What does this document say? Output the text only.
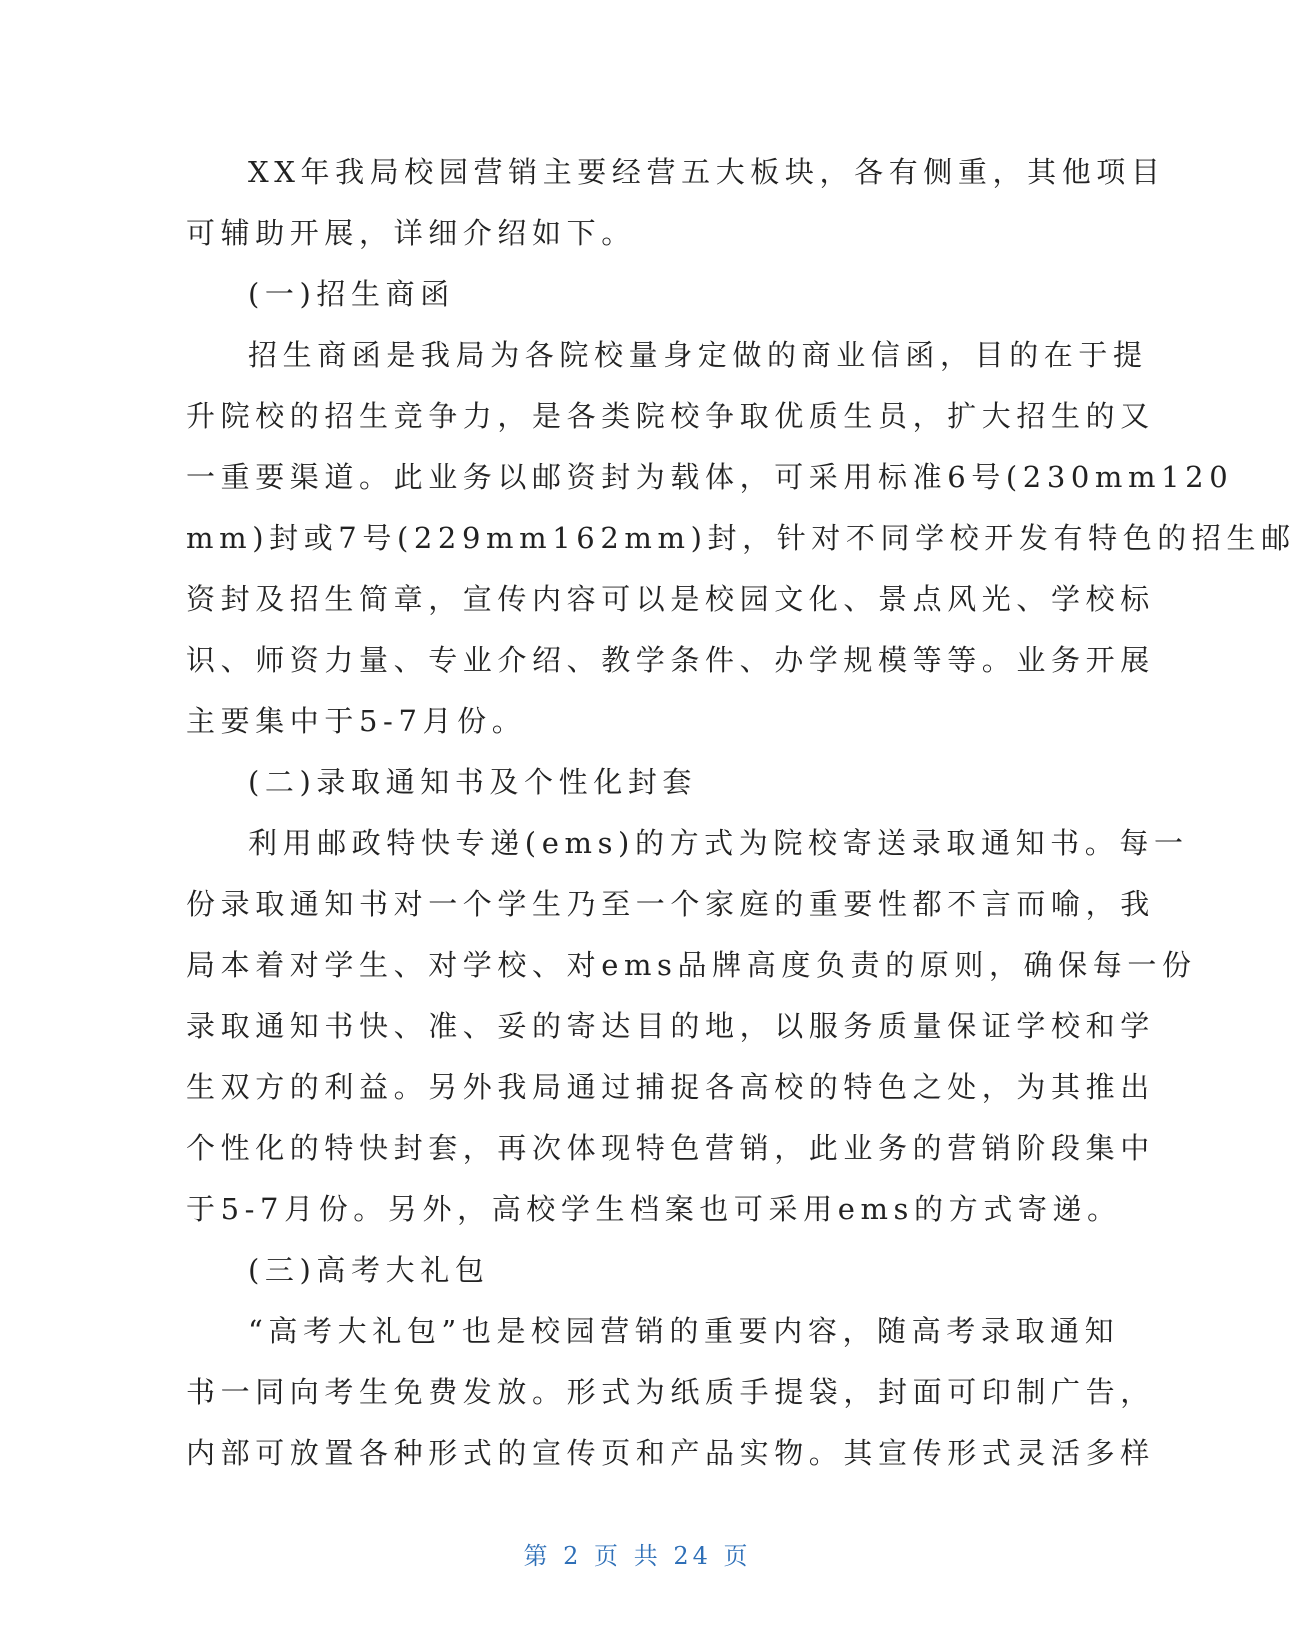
XX年我局校园营销主要经营五大板块，各有侧重，其他项目
可辅助开展，详细介绍如下。
(一)招生商函
招生商函是我局为各院校量身定做的商业信函，目的在于提
升院校的招生竞争力，是各类院校争取优质生员，扩大招生的又
一重要渠道。此业务以邮资封为载体，可采用标准6号(230mm120
mm)封或7号(229mm162mm)封，针对不同学校开发有特色的招生邮
资封及招生简章，宣传内容可以是校园文化、景点风光、学校标
识、师资力量、专业介绍、教学条件、办学规模等等。业务开展
主要集中于5-7月份。
(二)录取通知书及个性化封套
利用邮政特快专递(ems)的方式为院校寄送录取通知书。每一
份录取通知书对一个学生乃至一个家庭的重要性都不言而喻，我
局本着对学生、对学校、对ems品牌高度负责的原则，确保每一份
录取通知书快、准、妥的寄达目的地，以服务质量保证学校和学
生双方的利益。另外我局通过捕捉各高校的特色之处，为其推出
个性化的特快封套，再次体现特色营销，此业务的营销阶段集中
于5-7月份。另外，高校学生档案也可采用ems的方式寄递。
(三)高考大礼包
“高考大礼包”也是校园营销的重要内容，随高考录取通知
书一同向考生免费发放。形式为纸质手提袋，封面可印制广告，
内部可放置各种形式的宣传页和产品实物。其宣传形式灵活多样
第 2 页 共 24 页
